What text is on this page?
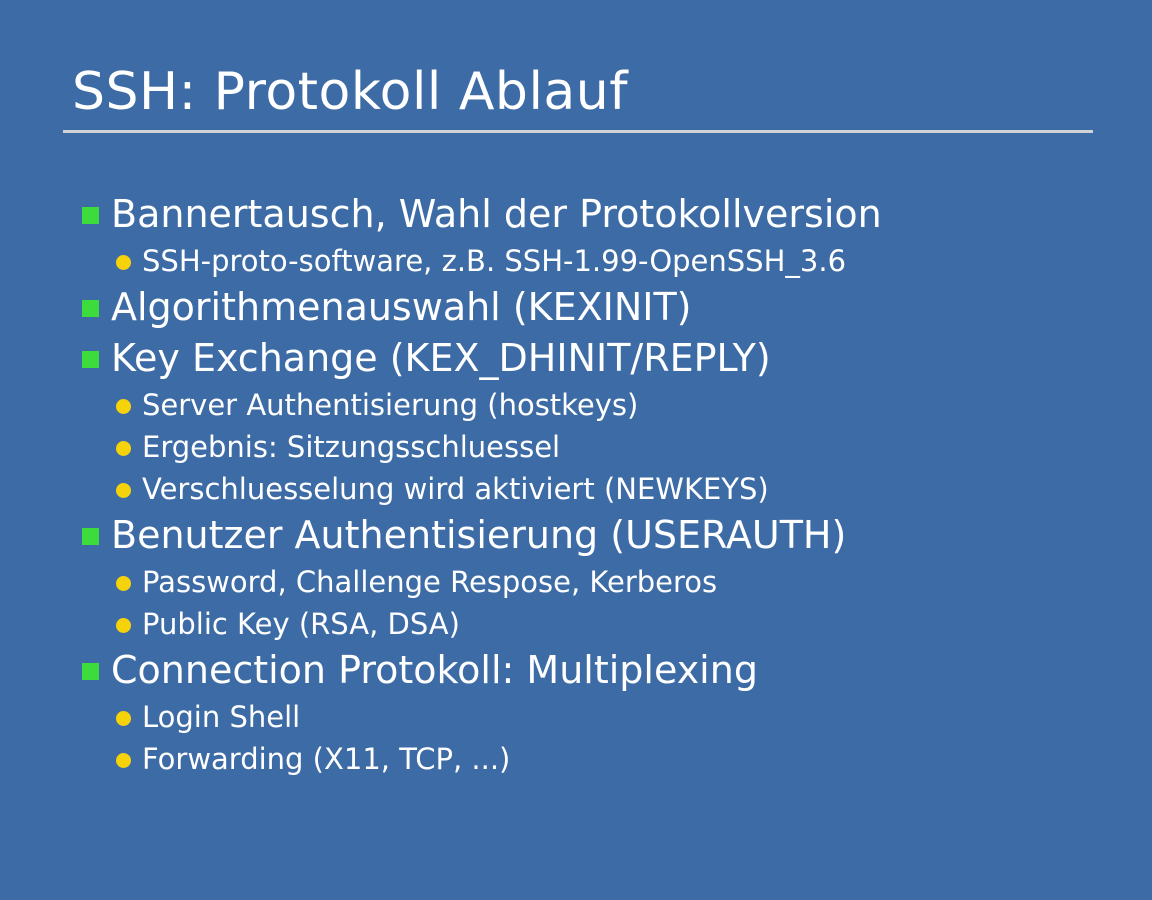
SSH: Protokoll Ablauf
Bannertausch, Wahl der Protokollversion
SSH-proto-software, z.B. SSH-1.99-OpenSSH_3.6
Algorithmenauswahl (KEXINIT)
Key Exchange (KEX_DHINIT/REPLY)
Server Authentisierung (hostkeys)
Ergebnis: Sitzungsschluessel
Verschluesselung wird aktiviert (NEWKEYS)
Benutzer Authentisierung (USERAUTH)
Password, Challenge Respose, Kerberos
Public Key (RSA, DSA)
Connection Protokoll: Multiplexing
Login Shell
Forwarding (X11, TCP, ...)
